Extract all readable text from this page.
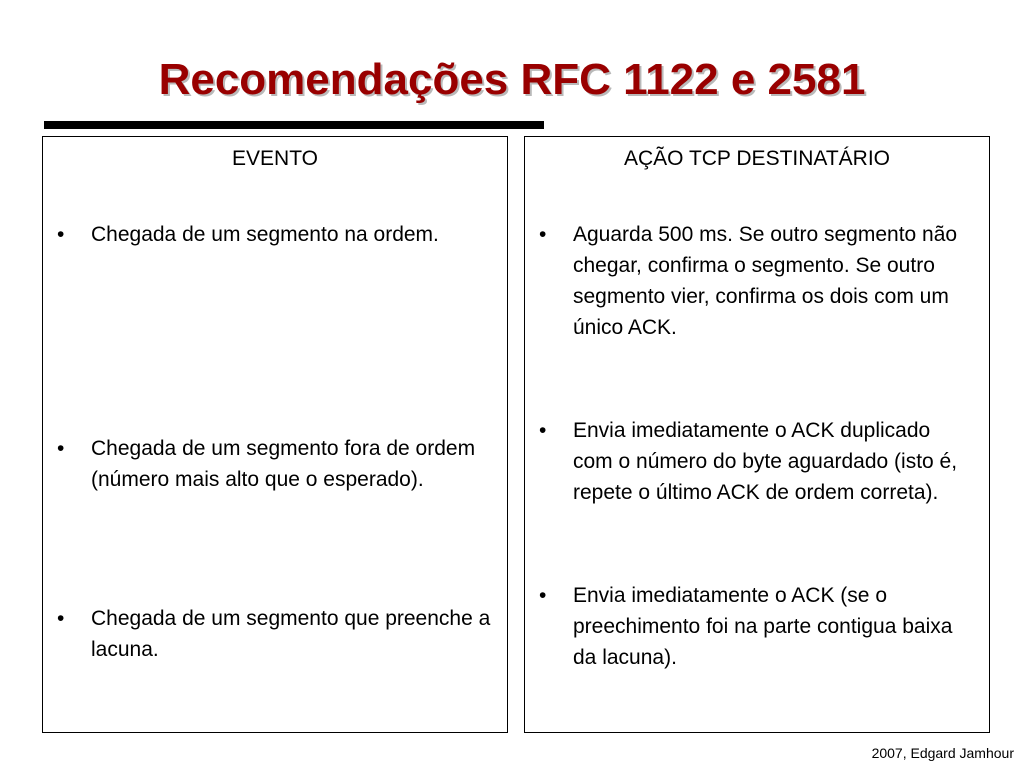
Recomendações RFC 1122 e 2581
EVENTO
• Chegada de um segmento na ordem.
• Chegada de um segmento fora de ordem (número mais alto que o esperado).
• Chegada de um segmento que preenche a lacuna.
AÇÃO TCP DESTINATÁRIO
• Aguarda 500 ms. Se outro segmento não chegar, confirma o segmento. Se outro segmento vier, confirma os dois com um único ACK.
• Envia imediatamente o ACK duplicado com o número do byte aguardado (isto é, repete o último ACK de ordem correta).
• Envia imediatamente o ACK (se o preechimento foi na parte contigua baixa da lacuna).
2007, Edgard Jamhour
